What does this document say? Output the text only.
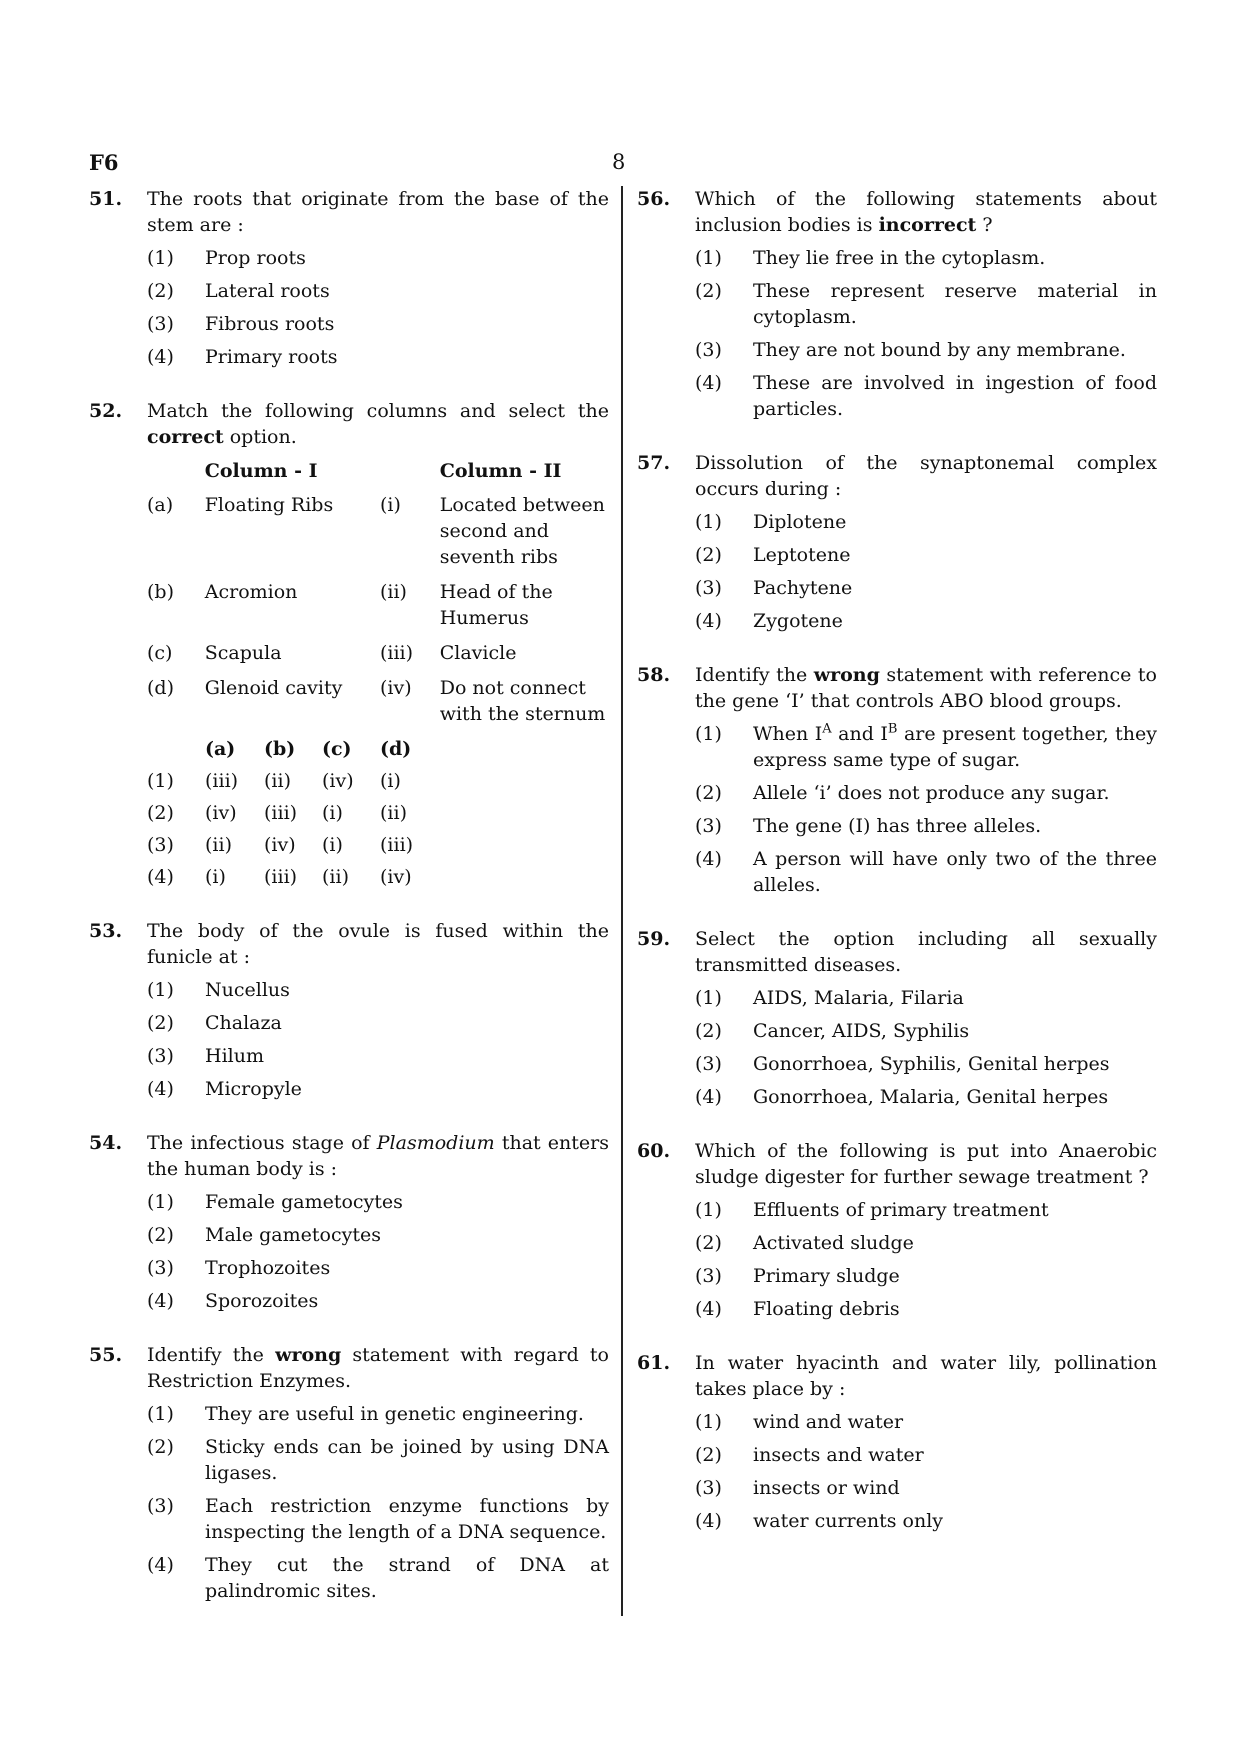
F6	8
51. The roots that originate from the base of the stem are :
(1) Prop roots
(2) Lateral roots
(3) Fibrous roots
(4) Primary roots
52. Match the following columns and select the correct option.
Column - I	Column - II
(a)	Floating Ribs	(i)	Located between second and seventh ribs
(b)	Acromion	(ii)	Head of the Humerus
(c)	Scapula	(iii)	Clavicle
(d)	Glenoid cavity	(iv)	Do not connect with the sternum
(a)	(b)	(c)	(d)
(1)	(iii)	(ii)	(iv)	(i)
(2)	(iv)	(iii)	(i)	(ii)
(3)	(ii)	(iv)	(i)	(iii)
(4)	(i)	(iii)	(ii)	(iv)
53. The body of the ovule is fused within the funicle at :
(1) Nucellus
(2) Chalaza
(3) Hilum
(4) Micropyle
54. The infectious stage of Plasmodium that enters the human body is :
(1) Female gametocytes
(2) Male gametocytes
(3) Trophozoites
(4) Sporozoites
55. Identify the wrong statement with regard to Restriction Enzymes.
(1) They are useful in genetic engineering.
(2) Sticky ends can be joined by using DNA ligases.
(3) Each restriction enzyme functions by inspecting the length of a DNA sequence.
(4) They cut the strand of DNA at palindromic sites.
56. Which of the following statements about inclusion bodies is incorrect ?
(1) They lie free in the cytoplasm.
(2) These represent reserve material in cytoplasm.
(3) They are not bound by any membrane.
(4) These are involved in ingestion of food particles.
57. Dissolution of the synaptonemal complex occurs during :
(1) Diplotene
(2) Leptotene
(3) Pachytene
(4) Zygotene
58. Identify the wrong statement with reference to the gene ‘I’ that controls ABO blood groups.
(1) When $I^A$ and $I^B$ are present together, they express same type of sugar.
(2) Allele ‘i’ does not produce any sugar.
(3) The gene (I) has three alleles.
(4) A person will have only two of the three alleles.
59. Select the option including all sexually transmitted diseases.
(1) AIDS, Malaria, Filaria
(2) Cancer, AIDS, Syphilis
(3) Gonorrhoea, Syphilis, Genital herpes
(4) Gonorrhoea, Malaria, Genital herpes
60. Which of the following is put into Anaerobic sludge digester for further sewage treatment ?
(1) Effluents of primary treatment
(2) Activated sludge
(3) Primary sludge
(4) Floating debris
61. In water hyacinth and water lily, pollination takes place by :
(1) wind and water
(2) insects and water
(3) insects or wind
(4) water currents only
